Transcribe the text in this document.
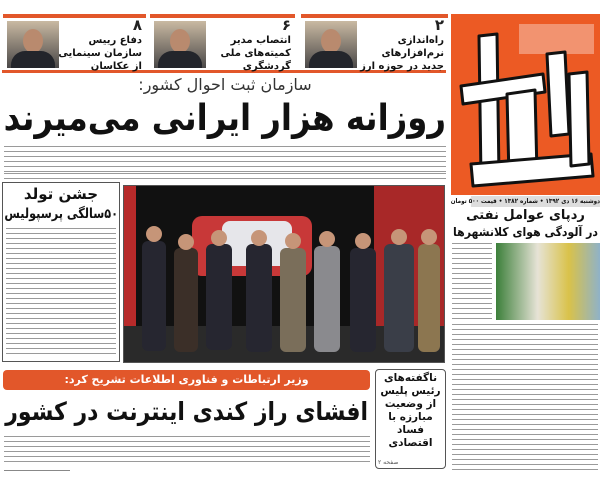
۲
راه‌اندازی نرم‌افزارهای جدید در حوزه ارز
۶
انتصاب مدیر کمیته‌های ملی گردشگری
۸
دفاع رییس سازمان سینمایی از عکاسان
سازمان ثبت احوال کشور:
روزانه هزار ایرانی می‌میرند
دوشنبه ۱۶ دی ۱۳۹۲ • شماره ۱۳۸۲ • قیمت ۵۰۰ تومان
ردپای عوامل نفتی
در آلودگی هوای کلانشهرها
جشن تولد
۵۰سالگی پرسپولیس
وزیر ارتباطات و فناوری اطلاعات تشریح کرد:
افشای راز کندی اینترنت در کشور
ناگفته‌های رئیس پلیس از وضعیت مبارزه با فساد اقتصادی
صفحه ۲
